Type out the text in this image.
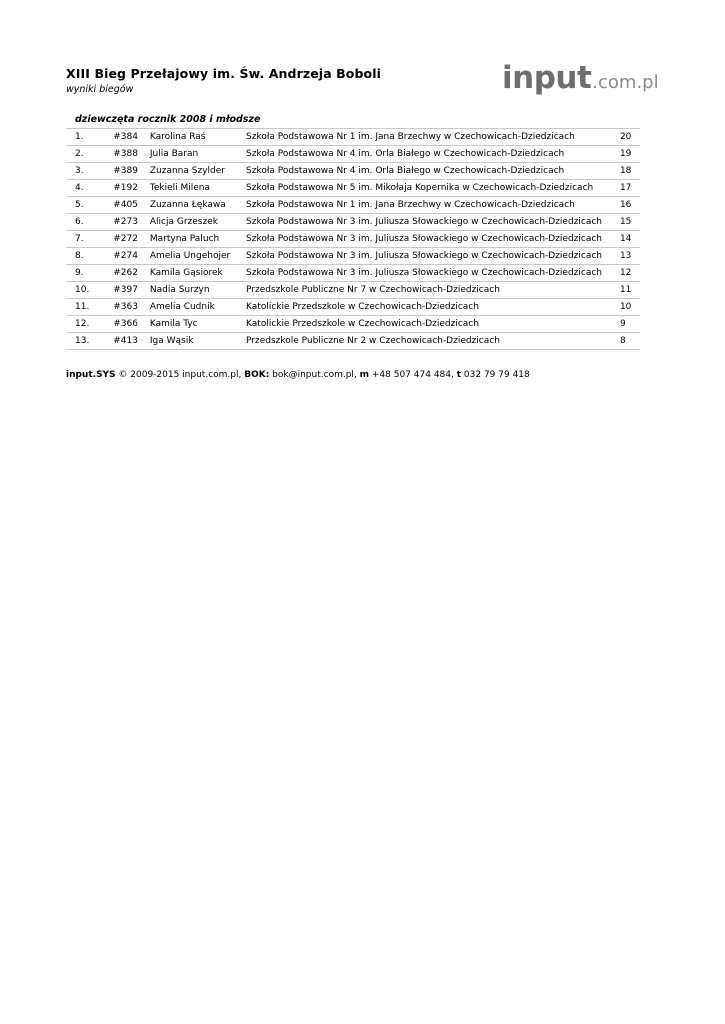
XIII Bieg Przełajowy im. Św. Andrzeja Boboli
wyniki biegów	input.com.pl
dziewczęta rocznik 2008 i młodsze
1.	#384	Karolina Raś	Szkoła Podstawowa Nr 1 im. Jana Brzechwy w Czechowicach-Dziedzicach	20
2.	#388	Julia Baran	Szkoła Podstawowa Nr 4 im. Orla Białego w Czechowicach-Dziedzicach	19
3.	#389	Zuzanna Szylder	Szkoła Podstawowa Nr 4 im. Orla Białego w Czechowicach-Dziedzicach	18
4.	#192	Tekieli Milena	Szkoła Podstawowa Nr 5 im. Mikołaja Kopernika w Czechowicach-Dziedzicach	17
5.	#405	Zuzanna Łękawa	Szkoła Podstawowa Nr 1 im. Jana Brzechwy w Czechowicach-Dziedzicach	16
6.	#273	Alicja Grzeszek	Szkoła Podstawowa Nr 3 im. Juliusza Słowackiego w Czechowicach-Dziedzicach	15
7.	#272	Martyna Paluch	Szkoła Podstawowa Nr 3 im. Juliusza Słowackiego w Czechowicach-Dziedzicach	14
8.	#274	Amelia Ungehojer	Szkoła Podstawowa Nr 3 im. Juliusza Słowackiego w Czechowicach-Dziedzicach	13
9.	#262	Kamila Gąsiorek	Szkoła Podstawowa Nr 3 im. Juliusza Słowackiego w Czechowicach-Dziedzicach	12
10.	#397	Nadia Surzyn	Przedszkole Publiczne Nr 7 w Czechowicach-Dziedzicach	11
11.	#363	Amelia Cudnik	Katolickie Przedszkole w Czechowicach-Dziedzicach	10
12.	#366	Kamila Tyc	Katolickie Przedszkole w Czechowicach-Dziedzicach	9
13.	#413	Iga Wąsik	Przedszkole Publiczne Nr 2 w Czechowicach-Dziedzicach	8
input.SYS © 2009-2015 input.com.pl, BOK: bok@input.com.pl, m +48 507 474 484, t 032 79 79 418
